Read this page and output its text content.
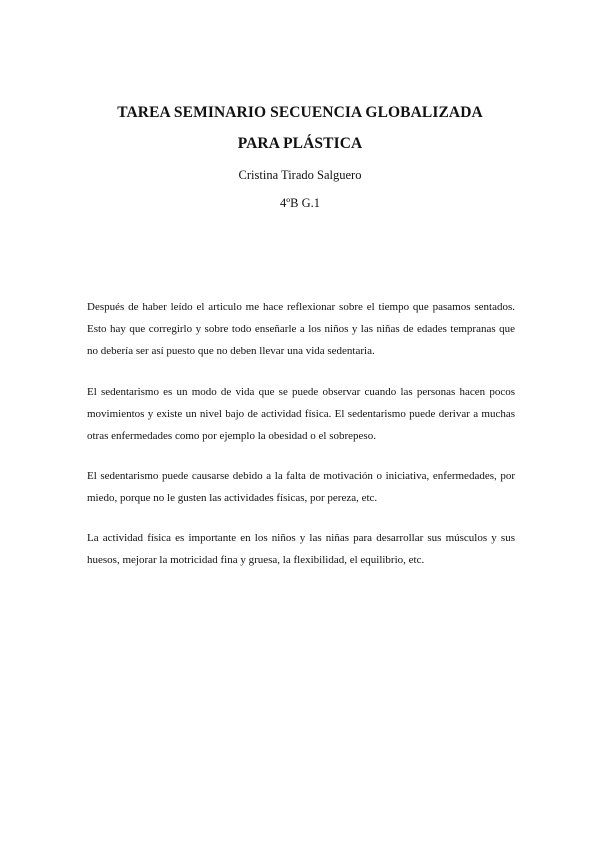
TAREA SEMINARIO SECUENCIA GLOBALIZADA
PARA PLÁSTICA
Cristina Tirado Salguero
4ºB G.1

Después de haber leído el articulo me hace reflexionar sobre el tiempo que pasamos sentados. Esto hay que corregirlo y sobre todo enseñarle a los niños y las niñas de edades tempranas que no debería ser así puesto que no deben llevar una vida sedentaria.

El sedentarismo es un modo de vida que se puede observar cuando las personas hacen pocos movimientos y existe un nivel bajo de actividad física. El sedentarismo puede derivar a muchas otras enfermedades como por ejemplo la obesidad o el sobrepeso.

El sedentarismo puede causarse debido a la falta de motivación o iniciativa, enfermedades, por miedo, porque no le gusten las actividades físicas, por pereza, etc.

La actividad física es importante en los niños y las niñas para desarrollar sus músculos y sus huesos, mejorar la motricidad fina y gruesa, la flexibilidad, el equilibrio, etc.
